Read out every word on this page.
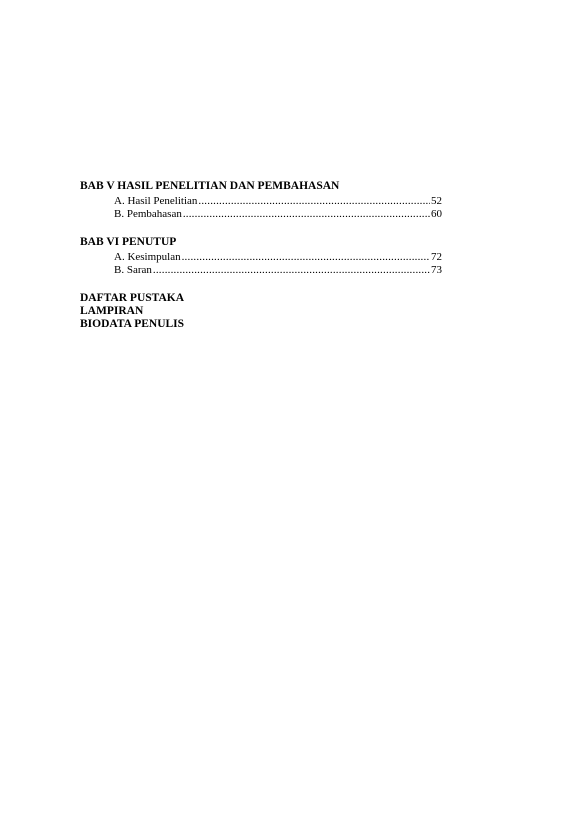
BAB V HASIL PENELITIAN DAN PEMBAHASAN
A. Hasil Penelitian .....	52
B. Pembahasan .....	60
BAB VI PENUTUP
A. Kesimpulan .....	72
B. Saran .....	73
DAFTAR PUSTAKA
LAMPIRAN
BIODATA PENULIS
